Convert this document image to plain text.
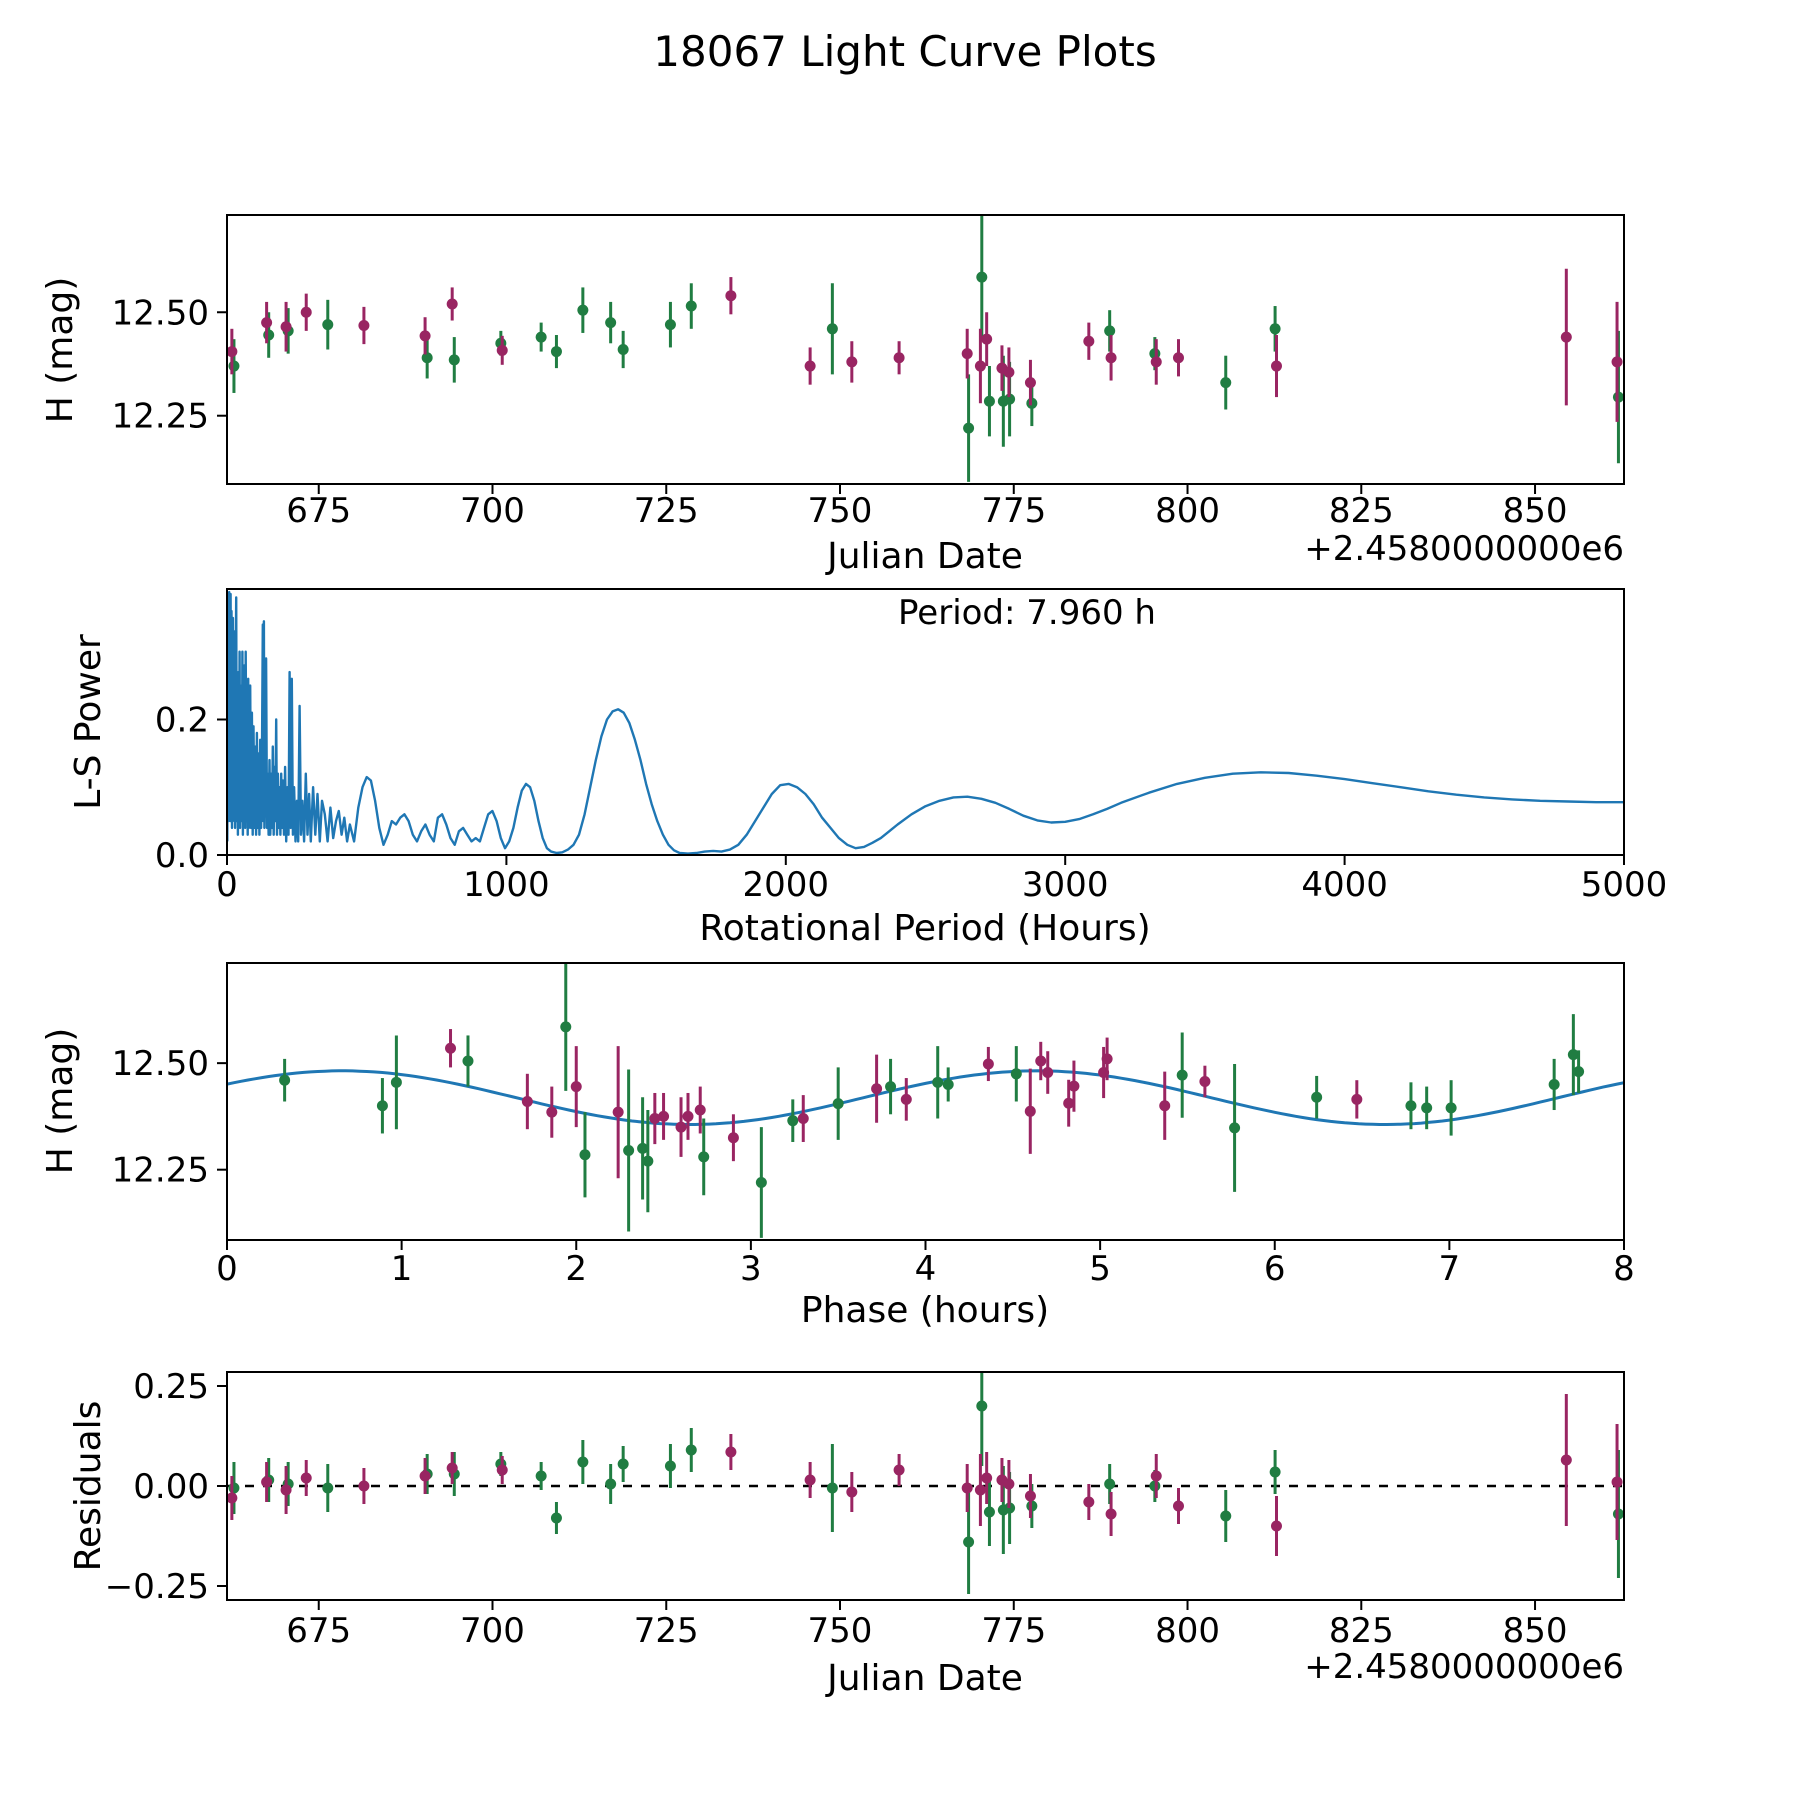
675	700	725	750	775	800	825	850
12.50
12.25
0	1000	2000	3000	4000	5000
0.2
0.0
0	1	2	3	4	5	6	7	8
12.50
12.25
675	700	725	750	775	800	825	850
0.25
0.00
−0.25
18067 Light Curve Plots
H (mag)
Julian Date	+2.4580000000e6
L-S Power
Rotational Period (Hours)
Period: 7.960 h
H (mag)
Phase (hours)
Residuals
Julian Date	+2.4580000000e6
